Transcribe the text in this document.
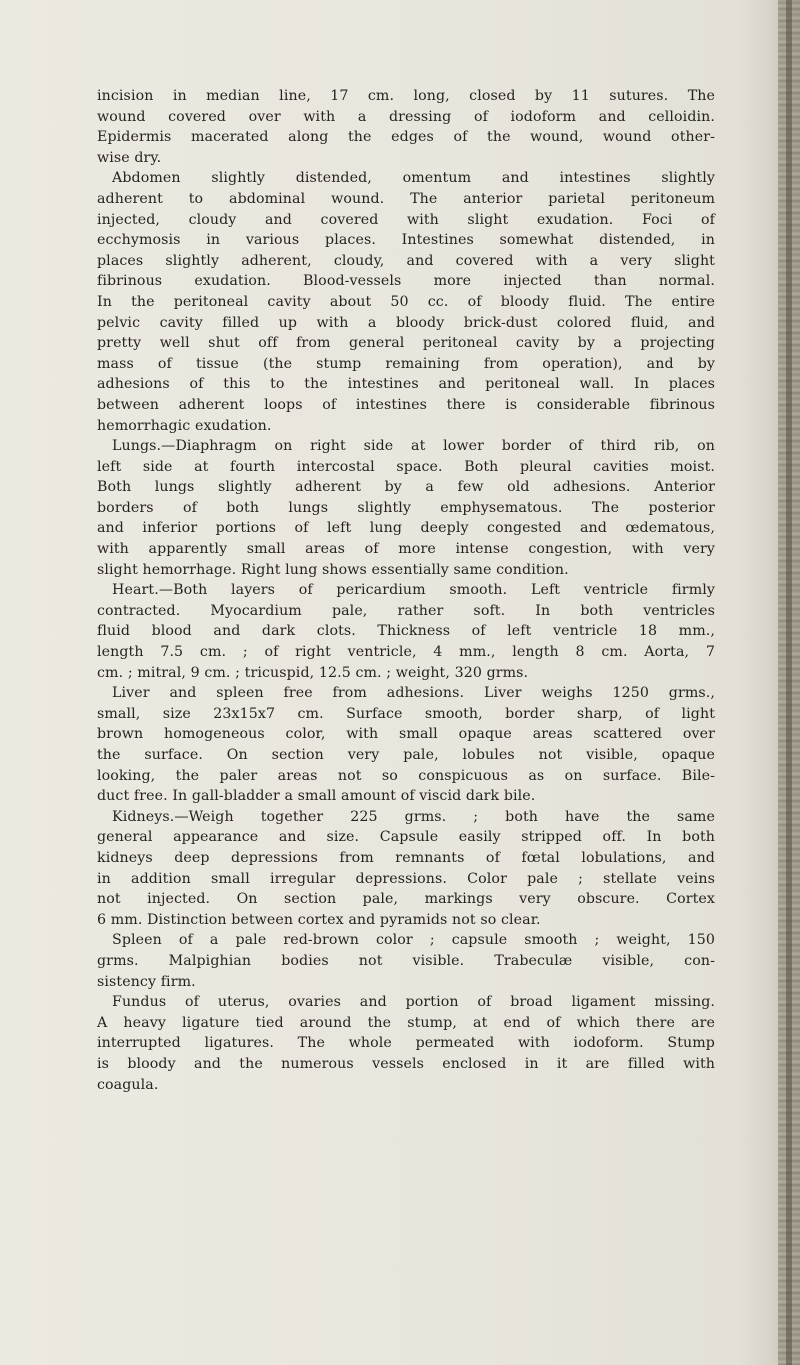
incision in median line, 17 cm. long, closed by 11 sutures. The
wound covered over with a dressing of iodoform and celloidin.
Epidermis macerated along the edges of the wound, wound other-
wise dry.
Abdomen slightly distended, omentum and intestines slightly
adherent to abdominal wound. The anterior parietal peritoneum
injected, cloudy and covered with slight exudation. Foci of
ecchymosis in various places. Intestines somewhat distended, in
places slightly adherent, cloudy, and covered with a very slight
fibrinous exudation. Blood-vessels more injected than normal.
In the peritoneal cavity about 50 cc. of bloody fluid. The entire
pelvic cavity filled up with a bloody brick-dust colored fluid, and
pretty well shut off from general peritoneal cavity by a projecting
mass of tissue (the stump remaining from operation), and by
adhesions of this to the intestines and peritoneal wall. In places
between adherent loops of intestines there is considerable fibrinous
hemorrhagic exudation.
Lungs.—Diaphragm on right side at lower border of third rib, on
left side at fourth intercostal space. Both pleural cavities moist.
Both lungs slightly adherent by a few old adhesions. Anterior
borders of both lungs slightly emphysematous. The posterior
and inferior portions of left lung deeply congested and œdematous,
with apparently small areas of more intense congestion, with very
slight hemorrhage. Right lung shows essentially same condition.
Heart.—Both layers of pericardium smooth. Left ventricle firmly
contracted. Myocardium pale, rather soft. In both ventricles
fluid blood and dark clots. Thickness of left ventricle 18 mm.,
length 7.5 cm. ; of right ventricle, 4 mm., length 8 cm. Aorta, 7
cm. ; mitral, 9 cm. ; tricuspid, 12.5 cm. ; weight, 320 grms.
Liver and spleen free from adhesions. Liver weighs 1250 grms.,
small, size 23x15x7 cm. Surface smooth, border sharp, of light
brown homogeneous color, with small opaque areas scattered over
the surface. On section very pale, lobules not visible, opaque
looking, the paler areas not so conspicuous as on surface. Bile-
duct free. In gall-bladder a small amount of viscid dark bile.
Kidneys.—Weigh together 225 grms. ; both have the same
general appearance and size. Capsule easily stripped off. In both
kidneys deep depressions from remnants of fœtal lobulations, and
in addition small irregular depressions. Color pale ; stellate veins
not injected. On section pale, markings very obscure. Cortex
6 mm. Distinction between cortex and pyramids not so clear.
Spleen of a pale red-brown color ; capsule smooth ; weight, 150
grms. Malpighian bodies not visible. Trabeculæ visible, con-
sistency firm.
Fundus of uterus, ovaries and portion of broad ligament missing.
A heavy ligature tied around the stump, at end of which there are
interrupted ligatures. The whole permeated with iodoform. Stump
is bloody and the numerous vessels enclosed in it are filled with
coagula.
